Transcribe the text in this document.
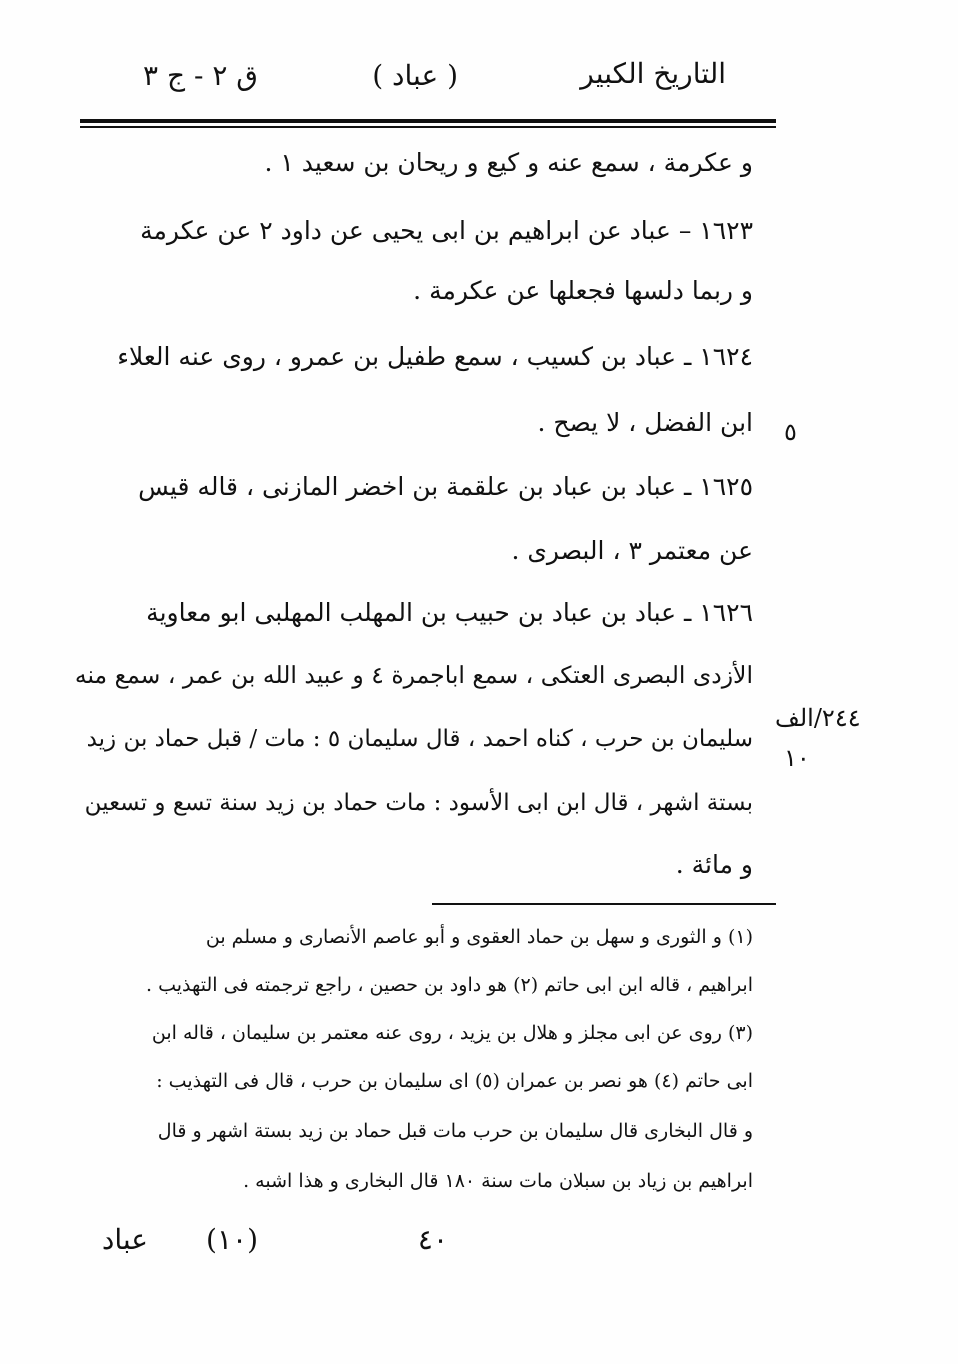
التاريخ الكبير
( عباد )
ق ٢ - ج ٣
و عكرمة ، سمع عنه و كيع و ريحان بن سعيد ١ .
١٦٢٣ – عباد عن ابراهيم بن ابى يحيى عن داود ٢ عن عكرمة
و ربما دلسها فجعلها عن عكرمة .
١٦٢٤ ـ عباد بن كسيب ، سمع طفيل بن عمرو ، روى عنه العلاء
ابن الفضل ، لا يصح .
١٦٢٥ ـ عباد بن عباد بن علقمة بن اخضر المازنى ، قاله قيس
عن معتمر ٣ ، البصرى .
١٦٢٦ ـ عباد بن عباد بن حبيب بن المهلب المهلبى ابو معاوية
الأزدى البصرى العتكى ، سمع اباجمرة ٤ و عبيد الله بن عمر ، سمع منه
سليمان بن حرب ، كناه احمد ، قال سليمان ٥ : مات / قبل حماد بن زيد
بستة اشهر ، قال ابن ابى الأسود : مات حماد بن زيد سنة تسع و تسعين
و مائة .
٥
٢٤٤/الف
١٠
(١) و الثورى و سهل بن حماد العقوى و أبو عاصم الأنصارى و مسلم بن
ابراهيم ، قاله ابن ابى حاتم (٢) هو داود بن حصين ، راجع ترجمته فى التهذيب .
(٣) روى عن ابى مجلز و هلال بن يزيد ، روى عنه معتمر بن سليمان ، قاله ابن
ابى حاتم (٤) هو نصر بن عمران (٥) اى سليمان بن حرب ، قال فى التهذيب :
و قال البخارى قال سليمان بن حرب مات قبل حماد بن زيد بستة اشهر و قال
ابراهيم بن زياد بن سبلان مات سنة ١٨٠ قال البخارى و هذا اشبه .
٤٠
(١٠)
عباد
